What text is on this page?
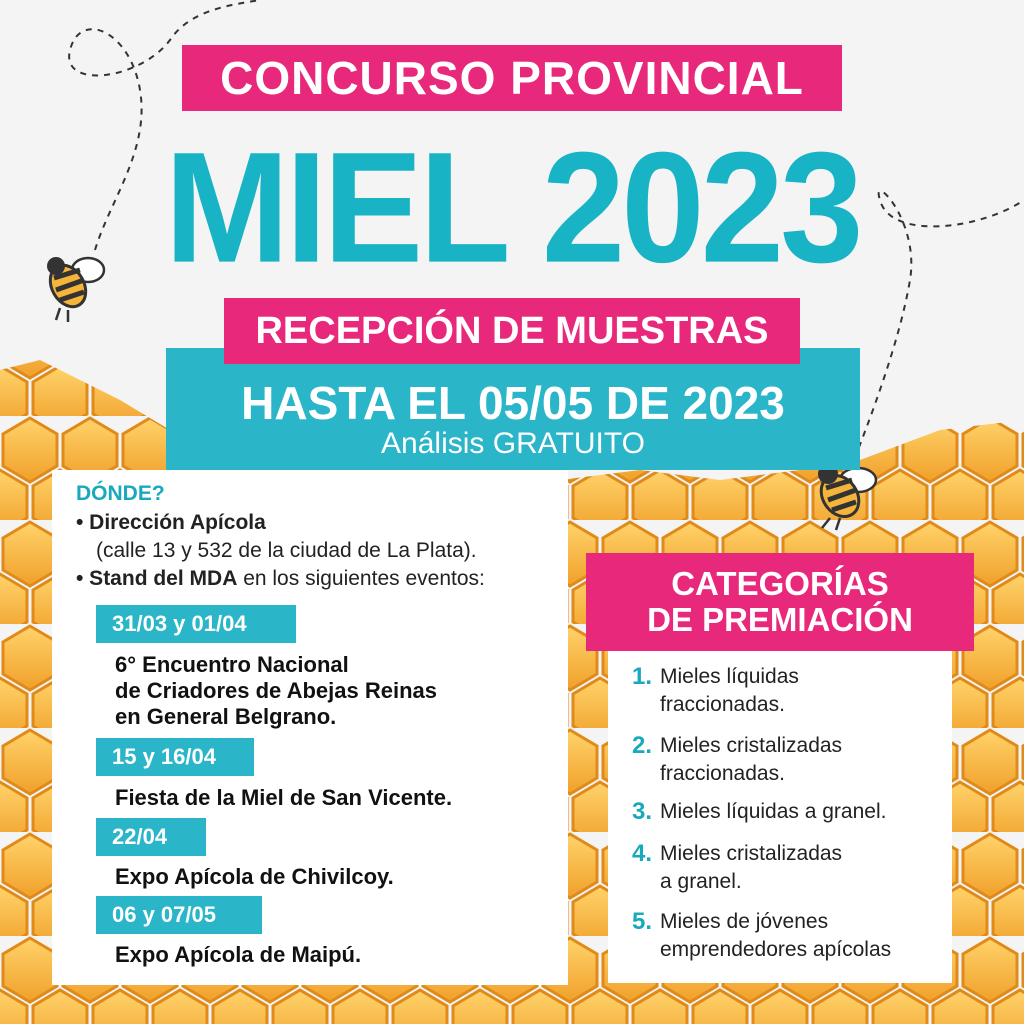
CONCURSO PROVINCIAL
MIEL 2023
HASTA EL 05/05 DE 2023
Análisis GRATUITO
RECEPCIÓN DE MUESTRAS
DÓNDE?
• Dirección Apícola
(calle 13 y 532 de la ciudad de La Plata).
• Stand del MDA en los siguientes eventos:
31/03 y 01/04
6° Encuentro Nacional
de Criadores de Abejas Reinas
en General Belgrano.
15 y 16/04
Fiesta de la Miel de San Vicente.
22/04
Expo Apícola de Chivilcoy.
06 y 07/05
Expo Apícola de Maipú.
CATEGORÍAS
DE PREMIACIÓN
1. Mieles líquidas
fraccionadas.
2. Mieles cristalizadas
fraccionadas.
3. Mieles líquidas a granel.
4. Mieles cristalizadas
a granel.
5. Mieles de jóvenes
emprendedores apícolas
